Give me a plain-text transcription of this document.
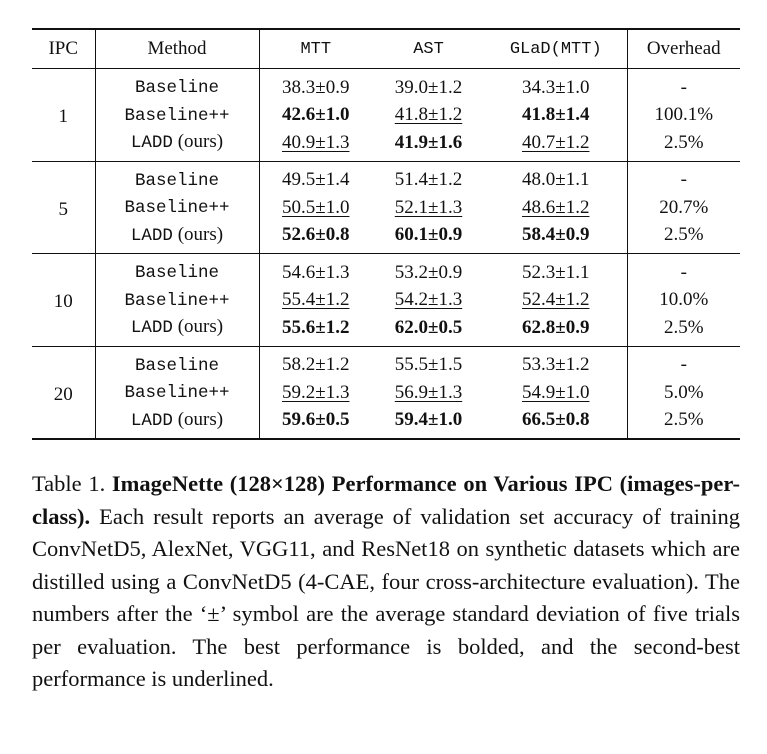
IPC	Method	MTT	AST	GLaD(MTT)	Overhead
1	Baseline	38.3±0.9	39.0±1.2	34.3±1.0	-
	Baseline++	42.6±1.0	41.8±1.2	41.8±1.4	100.1%
	LADD (ours)	40.9±1.3	41.9±1.6	40.7±1.2	2.5%
5	Baseline	49.5±1.4	51.4±1.2	48.0±1.1	-
	Baseline++	50.5±1.0	52.1±1.3	48.6±1.2	20.7%
	LADD (ours)	52.6±0.8	60.1±0.9	58.4±0.9	2.5%
10	Baseline	54.6±1.3	53.2±0.9	52.3±1.1	-
	Baseline++	55.4±1.2	54.2±1.3	52.4±1.2	10.0%
	LADD (ours)	55.6±1.2	62.0±0.5	62.8±0.9	2.5%
20	Baseline	58.2±1.2	55.5±1.5	53.3±1.2	-
	Baseline++	59.2±1.3	56.9±1.3	54.9±1.0	5.0%
	LADD (ours)	59.6±0.5	59.4±1.0	66.5±0.8	2.5%
Table 1. ImageNette (128×128) Performance on Various IPC (images-per-class). Each result reports an average of validation set accuracy of training ConvNetD5, AlexNet, VGG11, and ResNet18 on synthetic datasets which are distilled using a ConvNetD5 (4-CAE, four cross-architecture evaluation). The numbers after the ‘±’ symbol are the average standard deviation of five trials per evaluation. The best performance is bolded, and the second-best performance is underlined.
